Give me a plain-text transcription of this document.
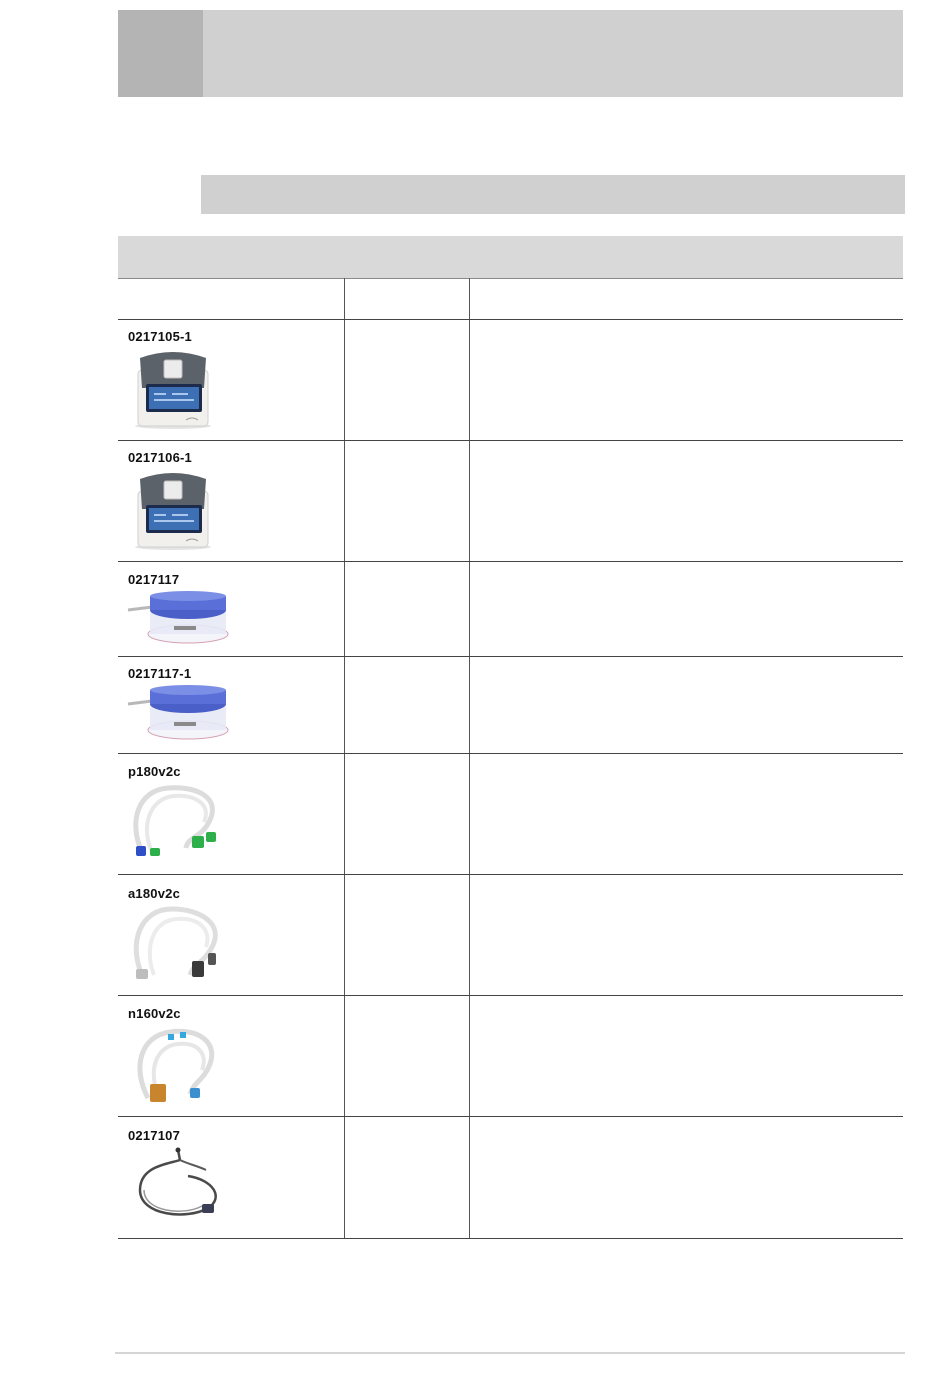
0217105-1
0217106-1
0217117
0217117-1
p180v2c
a180v2c
n160v2c
0217107
